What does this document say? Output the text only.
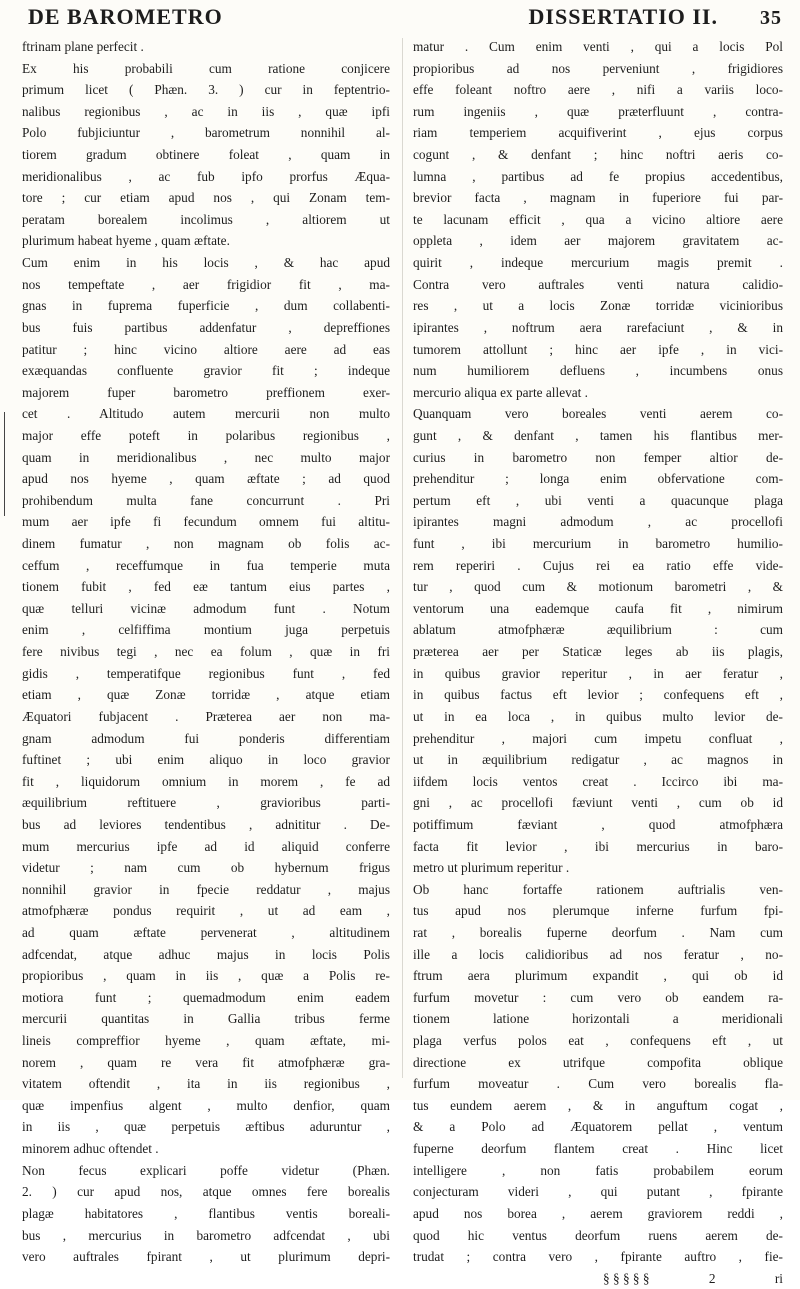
DE BAROMETRO	DISSERTATIO II. 35
ftrinam plane perfecit .
Ex his probabili cum ratione conjicere
primum licet ( Phæn. 3. ) cur in feptentrio-
nalibus regionibus , ac in iis , quæ ipfi
Polo fubjiciuntur , barometrum nonnihil al-
tiorem gradum obtinere foleat , quam in
meridionalibus , ac fub ipfo prorfus Æqua-
tore ; cur etiam apud nos , qui Zonam tem-
peratam borealem incolimus , altiorem ut
plurimum habeat hyeme , quam æftate.
Cum enim in his locis , & hac apud
nos tempeftate , aer frigidior fit , ma-
gnas in fuprema fuperficie , dum collabenti-
bus fuis partibus addenfatur , depreffiones
patitur ; hinc vicino altiore aere ad eas
exæquandas confluente gravior fit ; indeque
majorem fuper barometro preffionem exer-
cet . Altitudo autem mercurii non multo
major effe poteft in polaribus regionibus ,
quam in meridionalibus , nec multo major
apud nos hyeme , quam æftate ; ad quod
prohibendum multa fane concurrunt . Pri
mum aer ipfe fi fecundum omnem fui altitu-
dinem fumatur , non magnam ob folis ac-
ceffum , receffumque in fua temperie muta
tionem fubit , fed eæ tantum eius partes ,
quæ telluri vicinæ admodum funt . Notum
enim , celfiffima montium juga perpetuis
fere nivibus tegi , nec ea folum , quæ in fri
gidis , temperatifque regionibus funt , fed
etiam , quæ Zonæ torridæ , atque etiam
Æquatori fubjacent . Præterea aer non ma-
gnam admodum fui ponderis differentiam
fuftinet ; ubi enim aliquo in loco gravior
fit , liquidorum omnium in morem , fe ad
æquilibrium reftituere , gravioribus parti-
bus ad leviores tendentibus , adnititur . De-
mum mercurius ipfe ad id aliquid conferre
videtur ; nam cum ob hybernum frigus
nonnihil gravior in fpecie reddatur , majus
atmofphæræ pondus requirit , ut ad eam ,
ad quam æftate pervenerat , altitudinem
adfcendat, atque adhuc majus in locis Polis
propioribus , quam in iis , quæ a Polis re-
motiora funt ; quemadmodum enim eadem
mercurii quantitas in Gallia tribus ferme
lineis compreffior hyeme , quam æftate, mi-
norem , quam re vera fit atmofphæræ gra-
vitatem oftendit , ita in iis regionibus ,
quæ impenfius algent , multo denfior, quam
in iis , quæ perpetuis æftibus aduruntur ,
minorem adhuc oftendet .
Non fecus explicari poffe videtur (Phæn.
2. ) cur apud nos, atque omnes fere borealis
plagæ habitatores , flantibus ventis boreali-
bus , mercurius in barometro adfcendat , ubi
vero auftrales fpirant , ut plurimum depri-
matur . Cum enim venti , qui a locis Pol
propioribus ad nos perveniunt , frigidiores
effe foleant noftro aere , nifi a variis loco-
rum ingeniis , quæ præterfluunt , contra-
riam temperiem acquifiverint , ejus corpus
cogunt , & denfant ; hinc noftri aeris co-
lumna , partibus ad fe propius accedentibus,
brevior facta , magnam in fuperiore fui par-
te lacunam efficit , qua a vicino altiore aere
oppleta , idem aer majorem gravitatem ac-
quirit , indeque mercurium magis premit .
Contra vero auftrales venti natura calidio-
res , ut a locis Zonæ torridæ vicinioribus
ipirantes , noftrum aera rarefaciunt , & in
tumorem attollunt ; hinc aer ipfe , in vici-
num humiliorem defluens , incumbens onus
mercurio aliqua ex parte allevat .
Quanquam vero boreales venti aerem co-
gunt , & denfant , tamen his flantibus mer-
curius in barometro non femper altior de-
prehenditur ; longa enim obfervatione com-
pertum eft , ubi venti a quacunque plaga
ipirantes magni admodum , ac procellofi
funt , ibi mercurium in barometro humilio-
rem reperiri . Cujus rei ea ratio effe vide-
tur , quod cum & motionum barometri , &
ventorum una eademque caufa fit , nimirum
ablatum atmofphæræ æquilibrium : cum
præterea aer per Staticæ leges ab iis plagis,
in quibus gravior reperitur , in aer feratur ,
in quibus factus eft levior ; confequens eft ,
ut in ea loca , in quibus multo levior de-
prehenditur , majori cum impetu confluat ,
ut in æquilibrium redigatur , ac magnos in
iifdem locis ventos creat . Iccirco ibi ma-
gni , ac procellofi fæviunt venti , cum ob id
potiffimum fæviant , quod atmofphæra
facta fit levior , ibi mercurius in baro-
metro ut plurimum reperitur .
Ob hanc fortaffe rationem auftrialis ven-
tus apud nos plerumque inferne furfum fpi-
rat , borealis fuperne deorfum . Nam cum
ille a locis calidioribus ad nos feratur , no-
ftrum aera plurimum expandit , qui ob id
furfum movetur : cum vero ob eandem ra-
tionem latione horizontali a meridionali
plaga verfus polos eat , confequens eft , ut
directione ex utrifque compofita oblique
furfum moveatur . Cum vero borealis fla-
tus eundem aerem , & in anguftum cogat ,
& a Polo ad Æquatorem pellat , ventum
fuperne deorfum flantem creat . Hinc licet
intelligere , non fatis probabilem eorum
conjecturam videri , qui putant , fpirante
apud nos borea , aerem graviorem reddi ,
quod hic ventus deorfum ruens aerem de-
trudat ; contra vero , fpirante auftro , fie-
§ § § § §	2	ri
